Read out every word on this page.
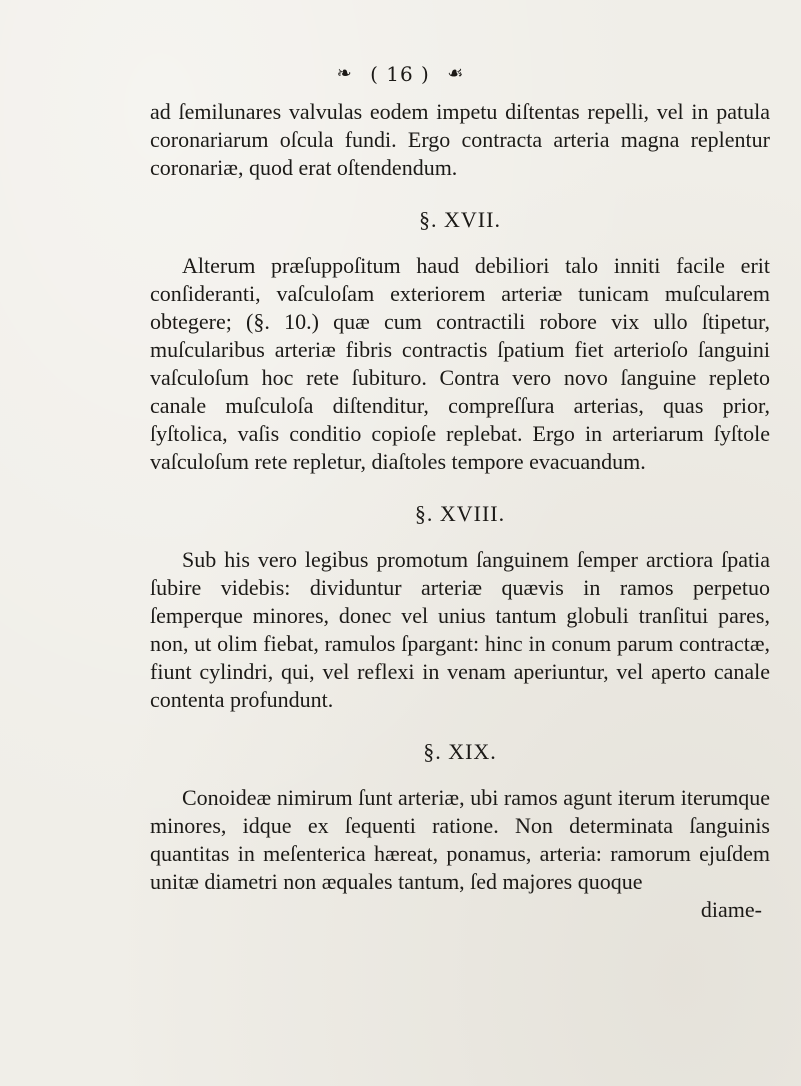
❧ ( 16 ) ☙

ad ſemilunares valvulas eodem impetu diſtentas repelli, vel in patula coronariarum oſcula fundi. Ergo contracta arteria magna replentur coronariæ, quod erat oſtendendum.

§. XVII.

Alterum præſuppoſitum haud debiliori talo inniti facile erit conſideranti, vaſculoſam exteriorem arteriæ tunicam muſcularem obtegere; (§. 10.) quæ cum contractili robore vix ullo ſtipetur, muſcularibus arteriæ fibris contractis ſpatium fiet arterioſo ſanguini vaſculoſum hoc rete ſubituro. Contra vero novo ſanguine repleto canale muſculoſa diſtenditur, compreſſura arterias, quas prior, ſyſtolica, vaſis conditio copioſe replebat. Ergo in arteriarum ſyſtole vaſculoſum rete repletur, diaſtoles tempore evacuandum.

§. XVIII.

Sub his vero legibus promotum ſanguinem ſemper arctiora ſpatia ſubire videbis: dividuntur arteriæ quævis in ramos perpetuo ſemperque minores, donec vel unius tantum globuli tranſitui pares, non, ut olim fiebat, ramulos ſpargant: hinc in conum parum contractæ, fiunt cylindri, qui, vel reflexi in venam aperiuntur, vel aperto canale contenta profundunt.

§. XIX.

Conoideæ nimirum ſunt arteriæ, ubi ramos agunt iterum iterumque minores, idque ex ſequenti ratione. Non determinata ſanguinis quantitas in meſenterica hæreat, ponamus, arteria: ramorum ejuſdem unitæ diametri non æquales tantum, ſed majores quoque

diame-
